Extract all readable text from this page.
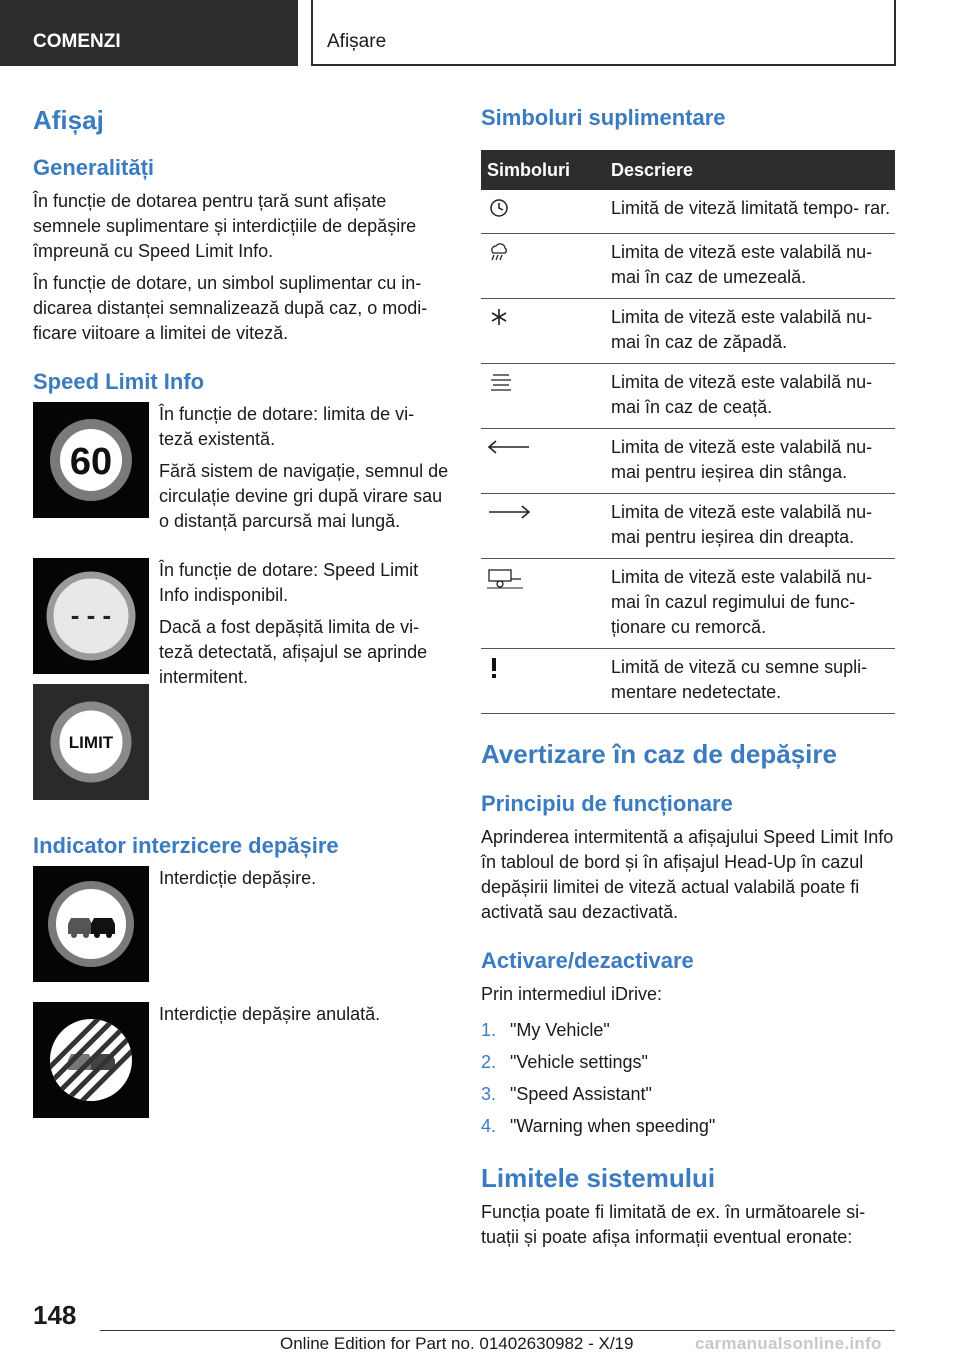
COMENZI	Afișare
Afișaj
Generalități
În funcție de dotarea pentru țară sunt afișate semnele suplimentare și interdicțiile de depășire împreună cu Speed Limit Info.
În funcție de dotare, un simbol suplimentar cu in- dicarea distanței semnalizează după caz, o modi- ficare viitoare a limitei de viteză.
Speed Limit Info
60
În funcție de dotare: limita de vi- teză existentă.
Fără sistem de navigație, semnul de circulație devine gri după virare sau o distanță parcursă mai lungă.
- - -
În funcție de dotare: Speed Limit Info indisponibil.
Dacă a fost depășită limita de vi- teză detectată, afișajul se aprinde intermitent.
LIMIT
Indicator interzicere depășire
Interdicție depășire.
Interdicție depășire anulată.
Simboluri suplimentare
Simboluri	Descriere
	Limită de viteză limitată tempo- rar.
	Limita de viteză este valabilă nu- mai în caz de umezeală.
	Limita de viteză este valabilă nu- mai în caz de zăpadă.
	Limita de viteză este valabilă nu- mai în caz de ceață.
	Limita de viteză este valabilă nu- mai pentru ieșirea din stânga.
	Limita de viteză este valabilă nu- mai pentru ieșirea din dreapta.
	Limita de viteză este valabilă nu- mai în cazul regimului de func- ționare cu remorcă.
	Limită de viteză cu semne supli- mentare nedetectate.
Avertizare în caz de depășire
Principiu de funcționare
Aprinderea intermitentă a afișajului Speed Limit Info în tabloul de bord și în afișajul Head-Up în cazul depășirii limitei de viteză actual valabilă poate fi activată sau dezactivată.
Activare/dezactivare
Prin intermediul iDrive:
1. "My Vehicle"
2. "Vehicle settings"
3. "Speed Assistant"
4. "Warning when speeding"
Limitele sistemului
Funcția poate fi limitată de ex. în următoarele si- tuații și poate afișa informații eventual eronate:
148
Online Edition for Part no. 01402630982 - X/19	carmanualsonline.info
